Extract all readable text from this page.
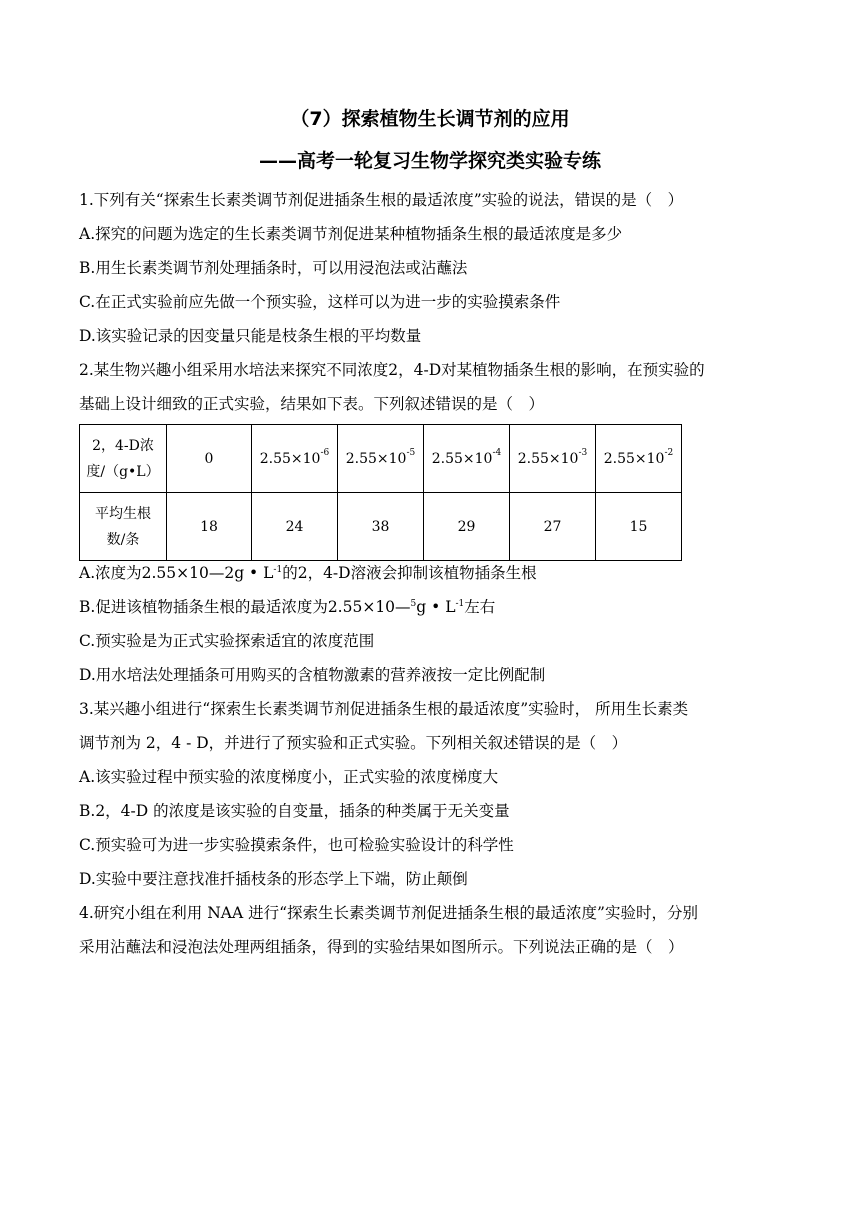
（7）探索植物生长调节剂的应用
——高考一轮复习生物学探究类实验专练
1.下列有关“探索生长素类调节剂促进插条生根的最适浓度”实验的说法，错误的是（　）
A.探究的问题为选定的生长素类调节剂促进某种植物插条生根的最适浓度是多少
B.用生长素类调节剂处理插条时，可以用浸泡法或沾蘸法
C.在正式实验前应先做一个预实验，这样可以为进一步的实验摸索条件
D.该实验记录的因变量只能是枝条生根的平均数量
2.某生物兴趣小组采用水培法来探究不同浓度2，4-D对某植物插条生根的影响，在预实验的
基础上设计细致的正式实验，结果如下表。下列叙述错误的是（　）
2，4-D浓
度/（g•L）	0	$2.55\times 10^{-6}$	$2.55\times 10^{-5}$	$2.55\times 10^{-4}$	$2.55\times 10^{-3}$	$2.55\times 10^{-2}$

平均生根
数/条	18	24	38	29	27	15
A.浓度为2.55×10—2g • $L^{-1}$的2，4-D溶液会抑制该植物插条生根
B.促进该植物插条生根的最适浓度为2.55×10—$^5$g • $L^{-1}$左右
C.预实验是为正式实验探索适宜的浓度范围
D.用水培法处理插条可用购买的含植物激素的营养液按一定比例配制
3.某兴趣小组进行“探索生长素类调节剂促进插条生根的最适浓度”实验时， 所用生长素类
调节剂为 2，4 - D，并进行了预实验和正式实验。下列相关叙述错误的是（　）
A.该实验过程中预实验的浓度梯度小，正式实验的浓度梯度大
B.2，4-D 的浓度是该实验的自变量，插条的种类属于无关变量
C.预实验可为进一步实验摸索条件，也可检验实验设计的科学性
D.实验中要注意找准扦插枝条的形态学上下端，防止颠倒
4.研究小组在利用 NAA 进行“探索生长素类调节剂促进插条生根的最适浓度”实验时，分别
采用沾蘸法和浸泡法处理两组插条，得到的实验结果如图所示。下列说法正确的是（　）
